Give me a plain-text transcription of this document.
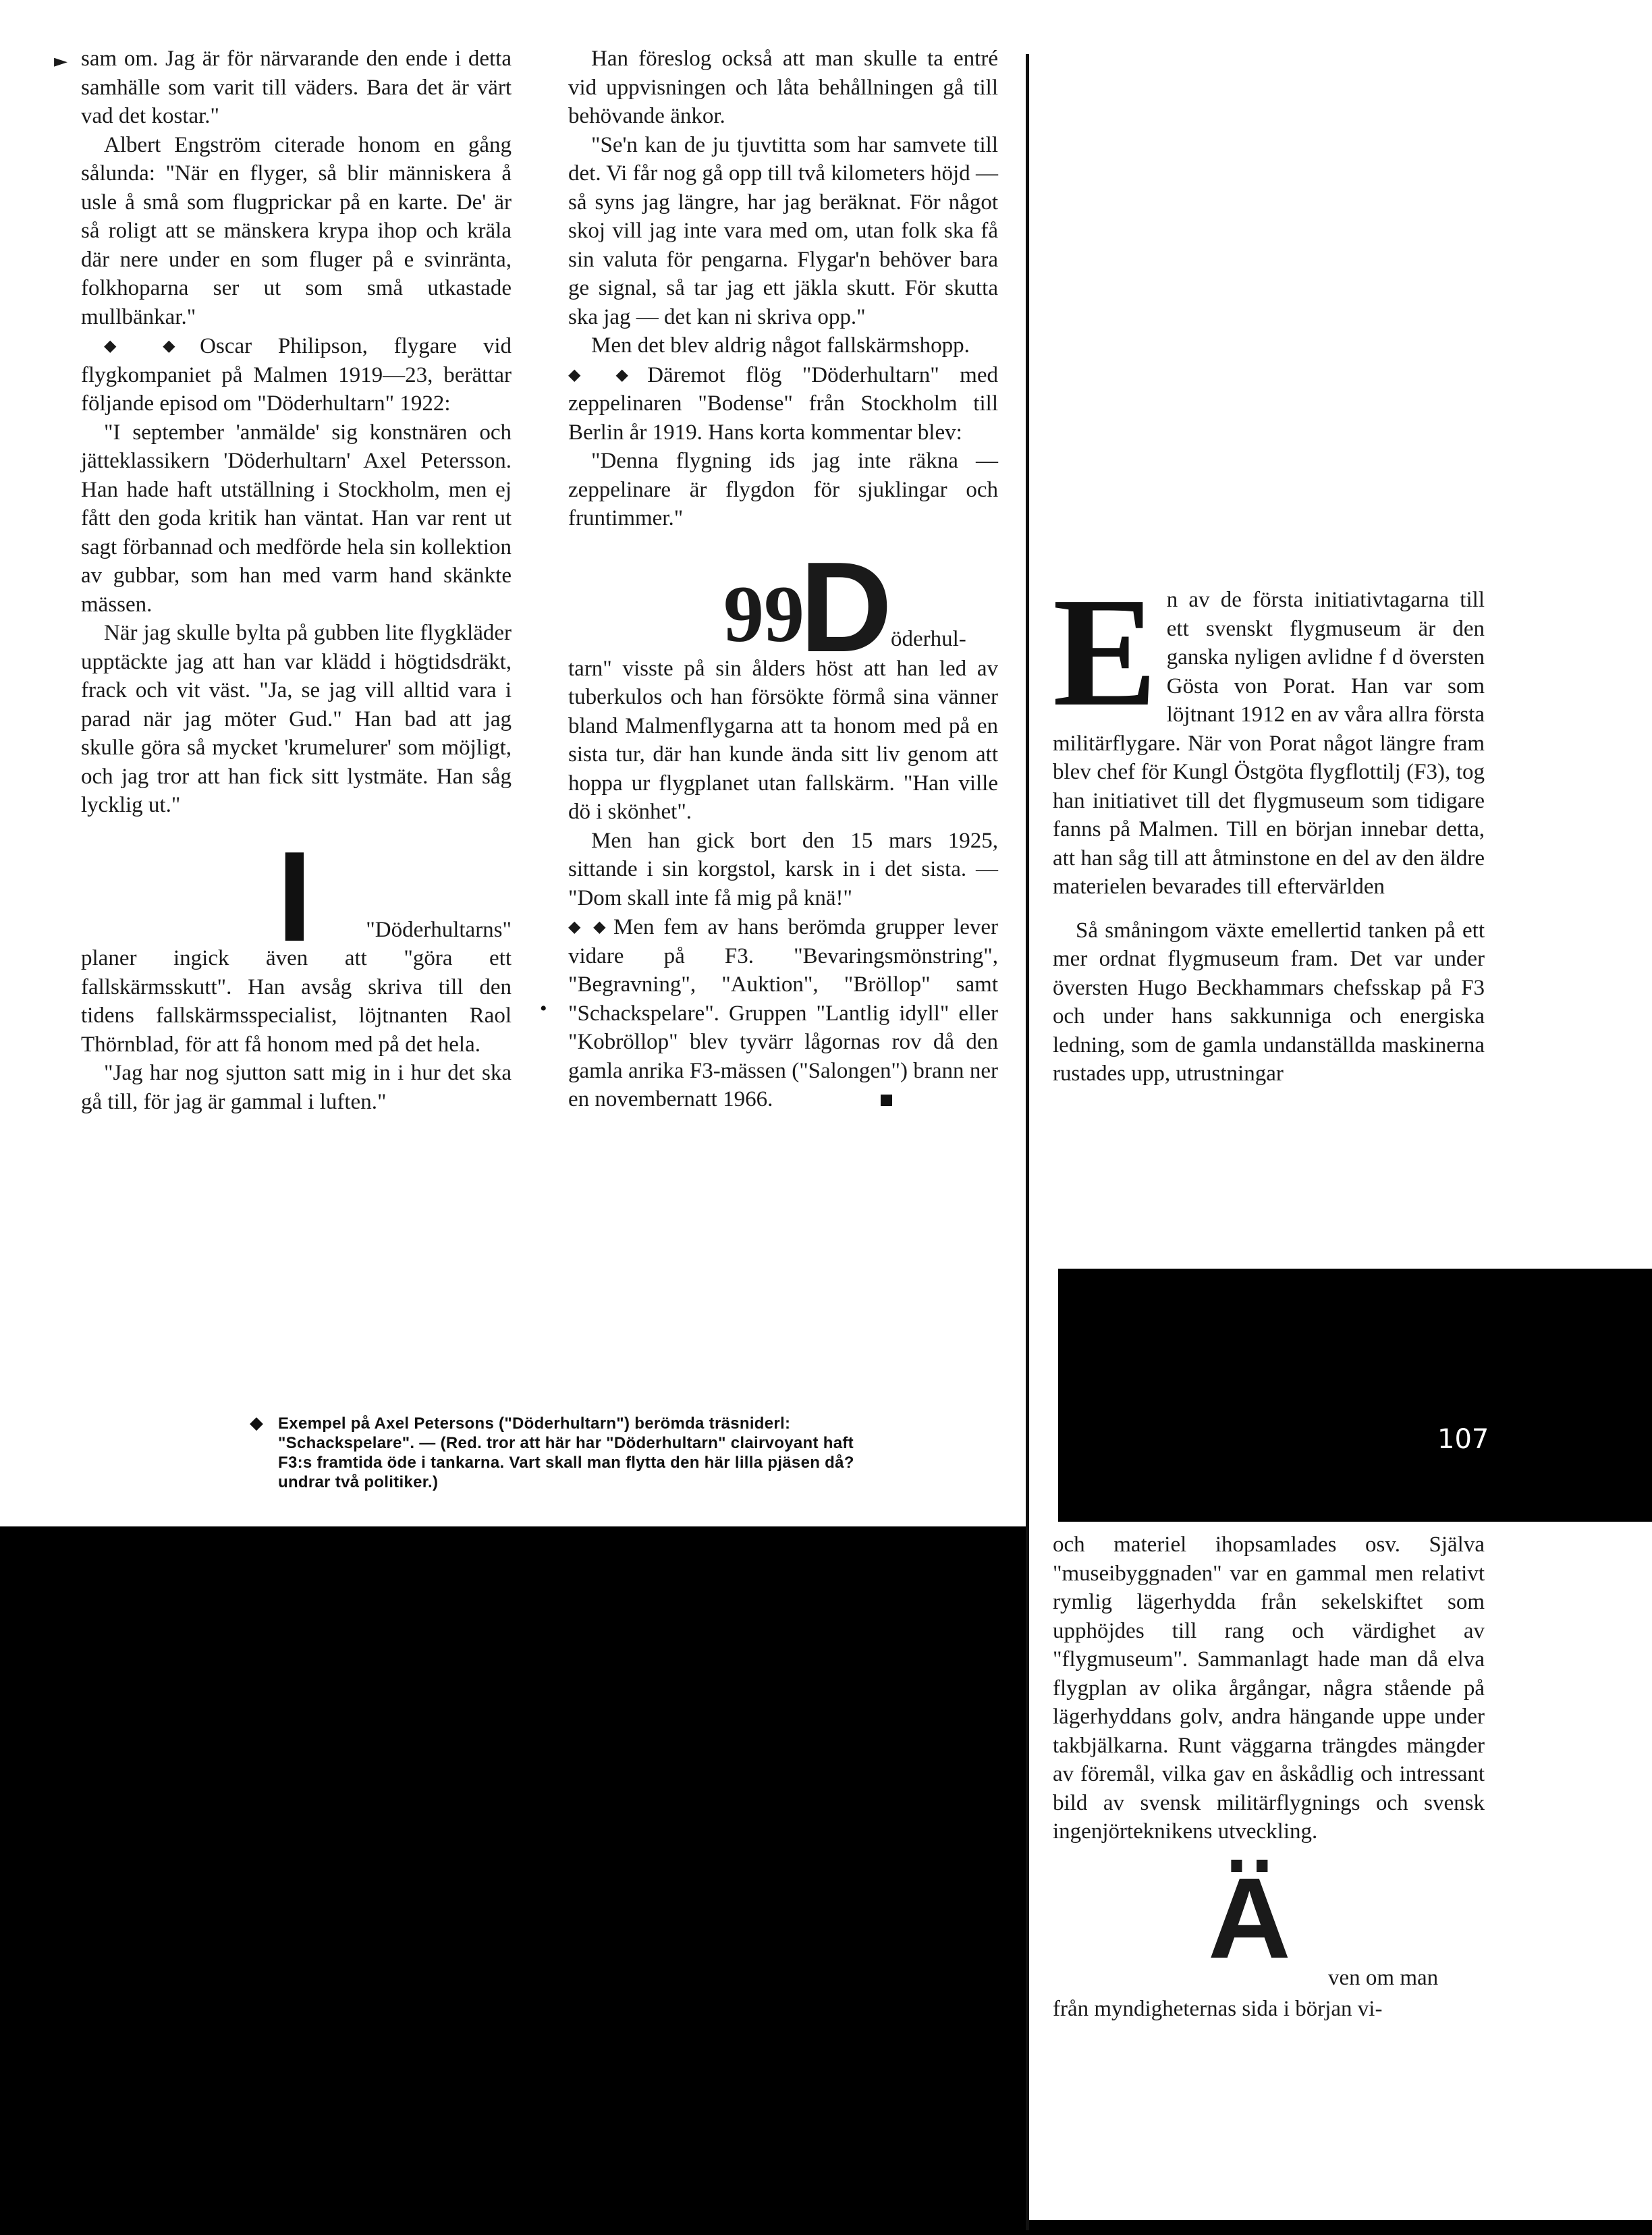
► sam om. Jag är för närvarande den ende i detta samhälle som varit till väders. Bara det är värt vad det kostar."

Albert Engström citerade honom en gång sålunda: "När en flyger, så blir människera å usle å små som flugprickar på en karte. De' är så roligt att se mänskera krypa ihop och kräla där nere under en som fluger på e svinränta, folkhoparna ser ut som små utkastade mullbänkar."

◆ ◆ Oscar Philipson, flygare vid flygkompaniet på Malmen 1919—23, berättar följande episod om "Döderhultarn" 1922:

"I september 'anmälde' sig konstnären och jätteklassikern 'Döderhultarn' Axel Petersson. Han hade haft utställning i Stockholm, men ej fått den goda kritik han väntat. Han var rent ut sagt förbannad och medförde hela sin kollektion av gubbar, som han med varm hand skänkte mässen.

När jag skulle bylta på gubben lite flygkläder upptäckte jag att han var klädd i högtidsdräkt, frack och vit väst. "Ja, se jag vill alltid vara i parad när jag möter Gud." Han bad att jag skulle göra så mycket 'krumelurer' som möjligt, och jag tror att han fick sitt lystmäte. Han såg lycklig ut."

I	"Döderhultarns"

planer ingick även att "göra ett fallskärmsskutt". Han avsåg skriva till den tidens fallskärmsspecialist, löjtnanten Raol Thörnblad, för att få honom med på det hela.

"Jag har nog sjutton satt mig in i hur det ska gå till, för jag är gammal i luften."

Han föreslog också att man skulle ta entré vid uppvisningen och låta behållningen gå till behövande änkor.

"Se'n kan de ju tjuvtitta som har samvete till det. Vi får nog gå opp till två kilometers höjd — så syns jag längre, har jag beräknat. För något skoj vill jag inte vara med om, utan folk ska få sin valuta för pengarna. Flygar'n behöver bara ge signal, så tar jag ett jäkla skutt. För skutta ska jag — det kan ni skriva opp."

Men det blev aldrig något fallskärmshopp.

◆ ◆ Däremot flög "Döderhultarn" med zeppelinaren "Bodense" från Stockholm till Berlin år 1919. Hans korta kommentar blev:

"Denna flygning ids jag inte räkna — zeppelinare är flygdon för sjuklingar och fruntimmer."

99
D
öderhul-

tarn" visste på sin ålders höst att han led av tuberkulos och han försökte förmå sina vänner bland Malmenflygarna att ta honom med på en sista tur, där han kunde ända sitt liv genom att hoppa ur flygplanet utan fallskärm. "Han ville dö i skönhet".

Men han gick bort den 15 mars 1925, sittande i sin korgstol, karsk in i det sista. — "Dom skall inte få mig på knä!"

◆ ◆ Men fem av hans berömda grupper lever vidare på F3. "Bevaringsmönstring", "Begravning", "Auktion", "Bröllop" samt "Schackspelare". Gruppen "Lantlig idyll" eller "Kobröllop" blev tyvärr lågornas rov då den gamla anrika F3-mässen ("Salongen") brann ner en novembernatt 1966.

En av de första initiativtagarna till ett svenskt flygmuseum är den ganska nyligen avlidne f d översten Gösta von Porat. Han var som löjtnant 1912 en av våra allra första militärflygare. När von Porat något längre fram blev chef för Kungl Östgöta flygflottilj (F3), tog han initiativet till det flygmuseum som tidigare fanns på Malmen. Till en början innebar detta, att han såg till att åtminstone en del av den äldre materielen bevarades till eftervärlden

Så småningom växte emellertid tanken på ett mer ordnat flygmuseum fram. Det var under översten Hugo Beckhammars chefsskap på F3 och under hans sakkunniga och energiska ledning, som de gamla undanställda maskinerna rustades upp, utrustningar

och materiel ihopsamlades osv. Själva "museibyggnaden" var en gammal men relativt rymlig lägerhydda från sekelskiftet som upphöjdes till rang och värdighet av "flygmuseum". Sammanlagt hade man då elva flygplan av olika årgångar, några stående på lägerhyddans golv, andra hängande uppe under takbjälkarna. Runt väggarna trängdes mängder av föremål, vilka gav en åskådlig och intressant bild av svensk militärflygnings och svensk ingenjörteknikens utveckling.

Ä ven om man

från myndigheternas sida i början vi-

◆ Exempel på Axel Petersons ("Döderhultarn") berömda träsniderl: "Schackspelare". — (Red. tror att här har "Döderhultarn" clairvoyant haft F3:s framtida öde i tankarna. Vart skall man flytta den här lilla pjäsen då? undrar två politiker.)
107
•
